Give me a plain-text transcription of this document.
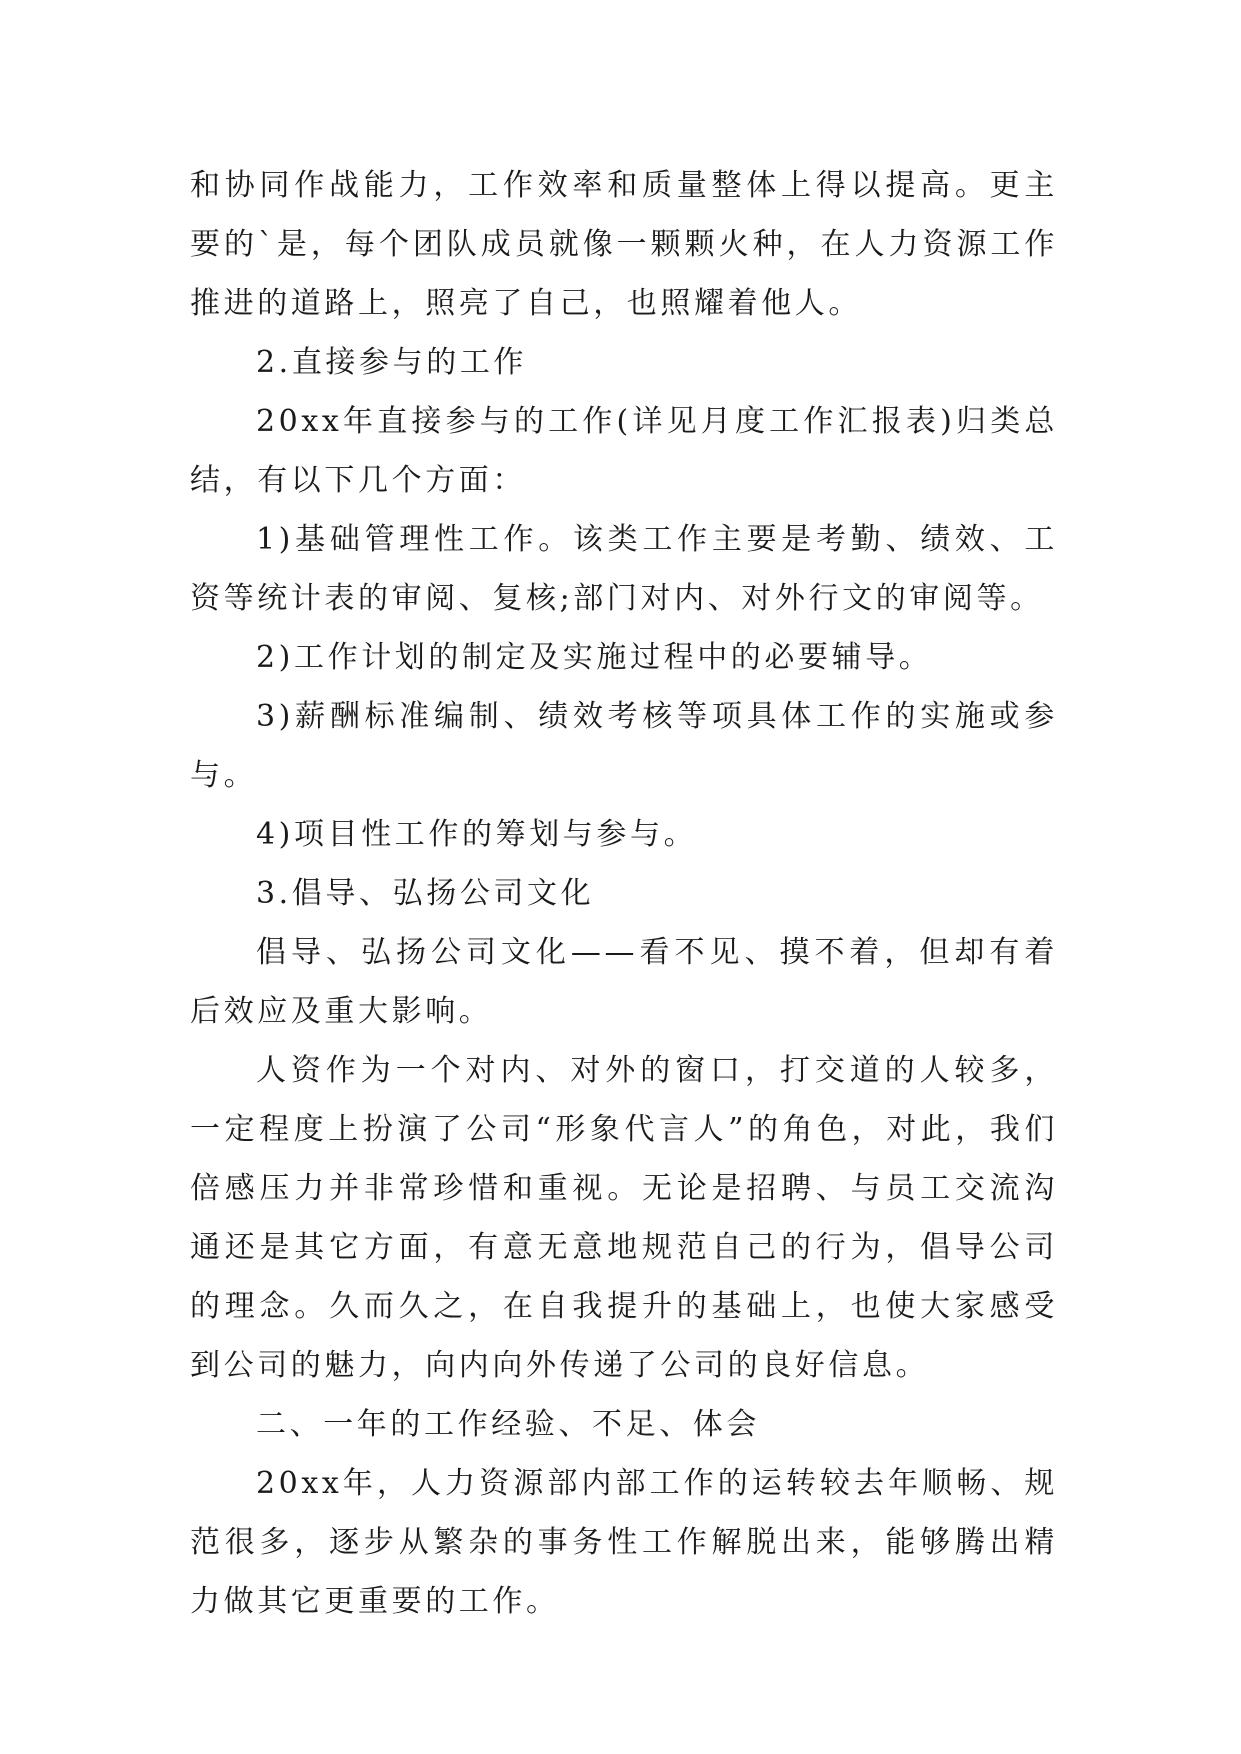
和协同作战能力，工作效率和质量整体上得以提高。更主要的`是，每个团队成员就像一颗颗火种，在人力资源工作推进的道路上，照亮了自己，也照耀着他人。

2.直接参与的工作

20xx年直接参与的工作(详见月度工作汇报表)归类总结，有以下几个方面：

1)基础管理性工作。该类工作主要是考勤、绩效、工资等统计表的审阅、复核;部门对内、对外行文的审阅等。

2)工作计划的制定及实施过程中的必要辅导。

3)薪酬标准编制、绩效考核等项具体工作的实施或参与。

4)项目性工作的筹划与参与。

3.倡导、弘扬公司文化

倡导、弘扬公司文化——看不见、摸不着，但却有着后效应及重大影响。

人资作为一个对内、对外的窗口，打交道的人较多，一定程度上扮演了公司“形象代言人”的角色，对此，我们倍感压力并非常珍惜和重视。无论是招聘、与员工交流沟通还是其它方面，有意无意地规范自己的行为，倡导公司的理念。久而久之，在自我提升的基础上，也使大家感受到公司的魅力，向内向外传递了公司的良好信息。

二、一年的工作经验、不足、体会

20xx年，人力资源部内部工作的运转较去年顺畅、规范很多，逐步从繁杂的事务性工作解脱出来，能够腾出精力做其它更重要的工作。
